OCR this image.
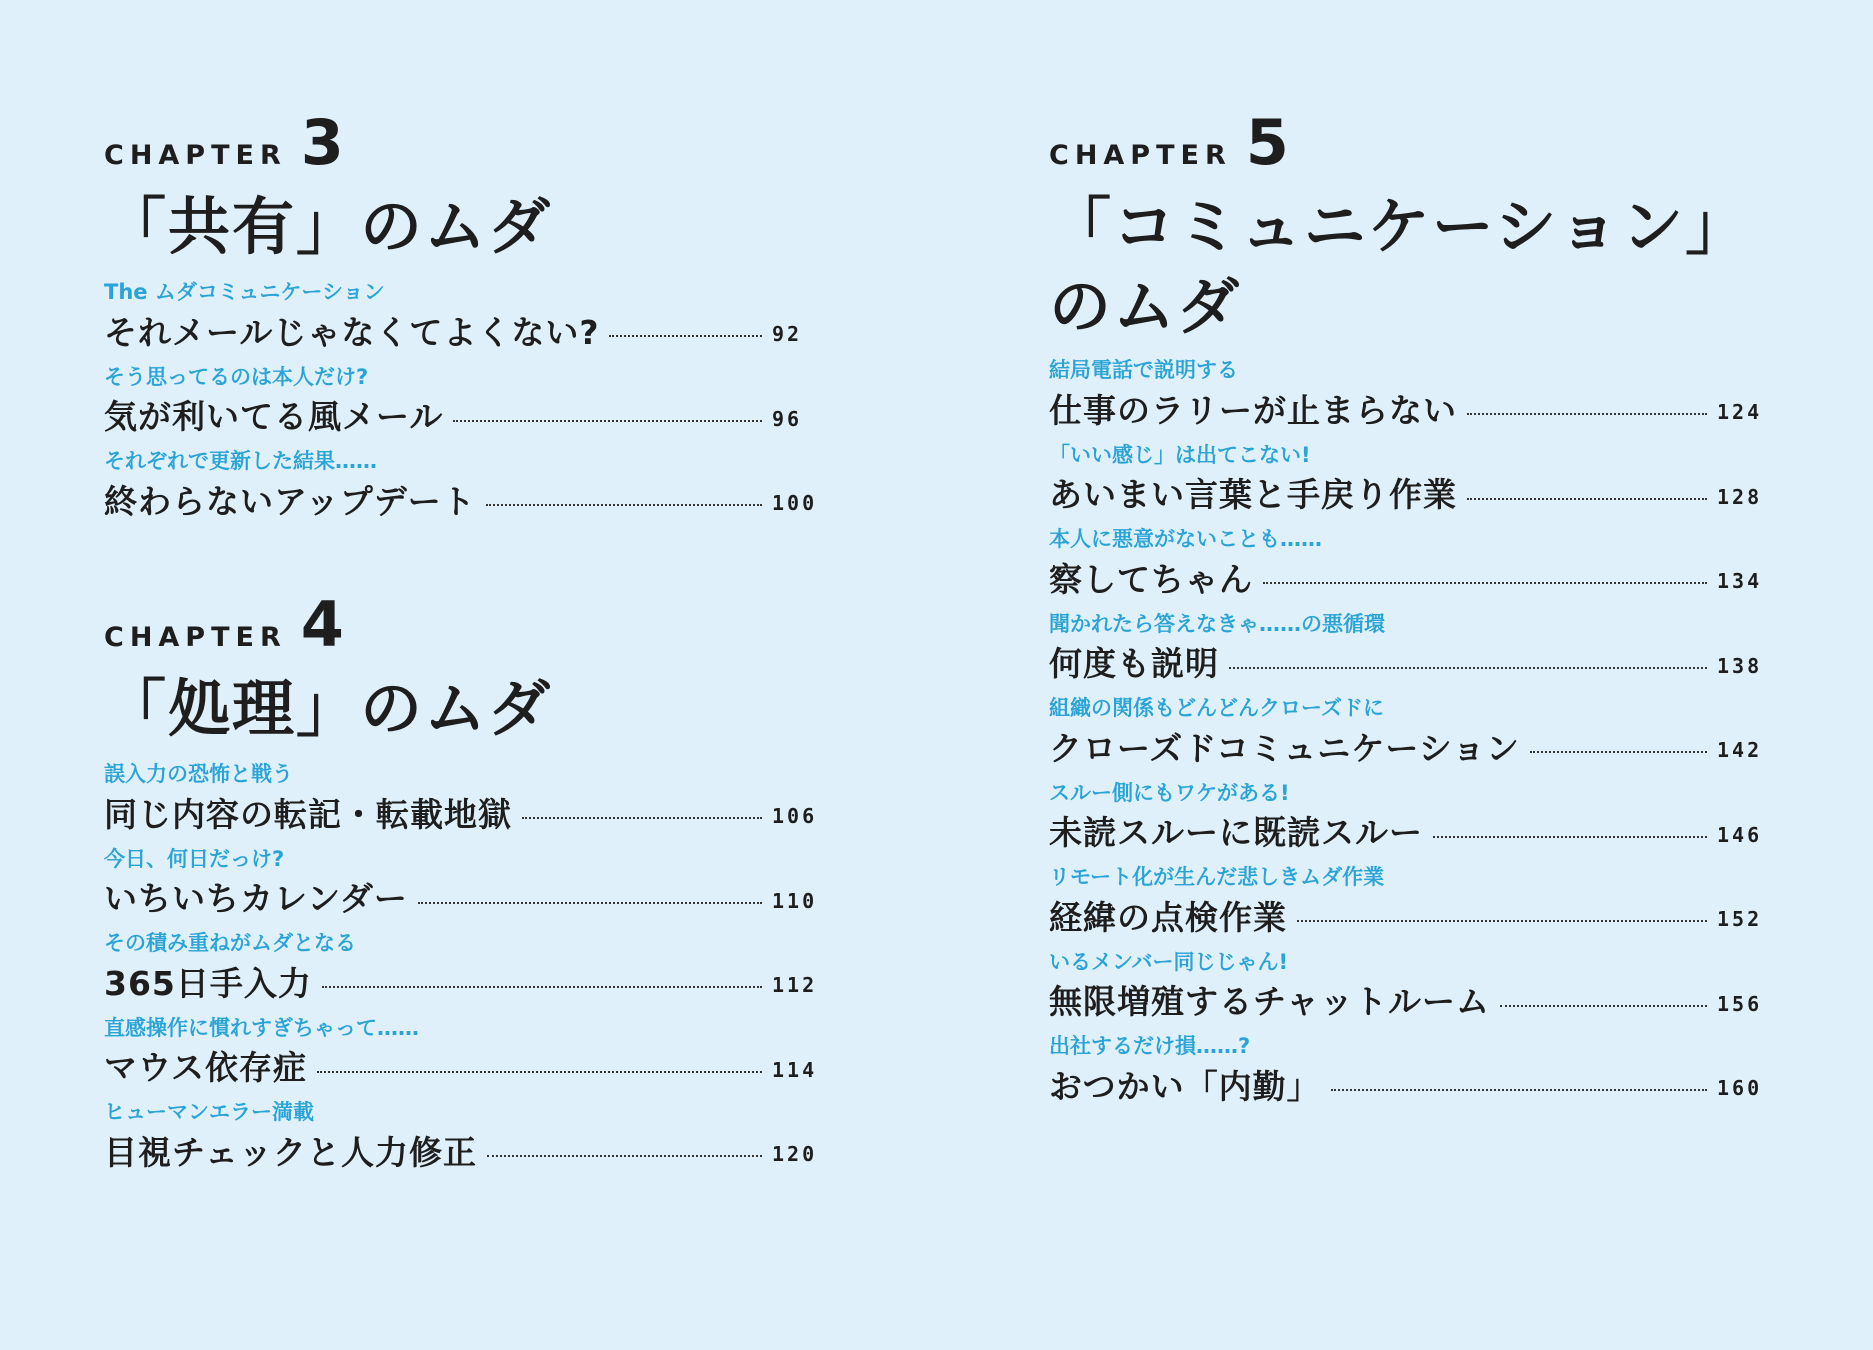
CHAPTER 3
「共有」のムダ
The ムダコミュニケーション
それメールじゃなくてよくない?	92
そう思ってるのは本人だけ?
気が利いてる風メール	96
それぞれで更新した結果……
終わらないアップデート	100
CHAPTER 4
「処理」のムダ
誤入力の恐怖と戦う
同じ内容の転記・転載地獄	106
今日、何日だっけ?
いちいちカレンダー	110
その積み重ねがムダとなる
365日手入力	112
直感操作に慣れすぎちゃって……
マウス依存症	114
ヒューマンエラー満載
目視チェックと人力修正	120
CHAPTER 5
「コミュニケーション」のムダ
結局電話で説明する
仕事のラリーが止まらない	124
「いい感じ」は出てこない!
あいまい言葉と手戻り作業	128
本人に悪意がないことも……
察してちゃん	134
聞かれたら答えなきゃ……の悪循環
何度も説明	138
組織の関係もどんどんクローズドに
クローズドコミュニケーション	142
スルー側にもワケがある!
未読スルーに既読スルー	146
リモート化が生んだ悲しきムダ作業
経緯の点検作業	152
いるメンバー同じじゃん!
無限増殖するチャットルーム	156
出社するだけ損……?
おつかい「内勤」	160
